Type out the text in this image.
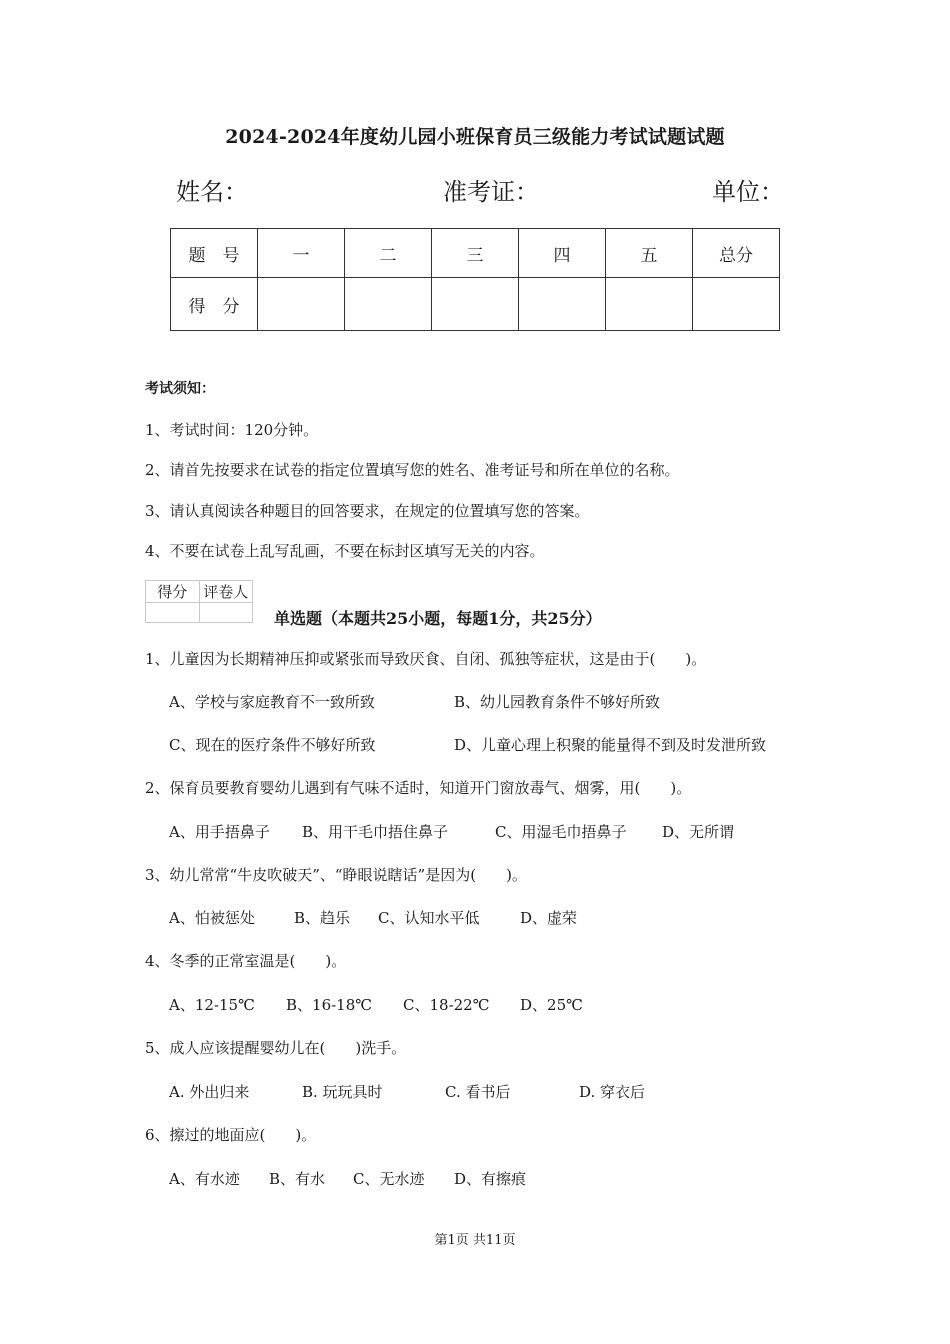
2024-2024年度幼儿园小班保育员三级能力考试试题试题
姓名：	准考证：	单位：
题　号	一	二	三	四	五	总分
得　分						
考试须知：
1、考试时间：120分钟。
2、请首先按要求在试卷的指定位置填写您的姓名、准考证号和所在单位的名称。
3、请认真阅读各种题目的回答要求，在规定的位置填写您的答案。
4、不要在试卷上乱写乱画，不要在标封区填写无关的内容。
得分	评卷人

单选题（本题共25小题，每题1分，共25分）
1、儿童因为长期精神压抑或紧张而导致厌食、自闭、孤独等症状，这是由于(　　)。
A、学校与家庭教育不一致所致	B、幼儿园教育条件不够好所致
C、现在的医疗条件不够好所致	D、儿童心理上积聚的能量得不到及时发泄所致
2、保育员要教育婴幼儿遇到有气味不适时，知道开门窗放毒气、烟雾，用(　　)。
A、用手捂鼻子 B、用干毛巾捂住鼻子	C、用湿毛巾捂鼻子 D、无所谓
3、幼儿常常“牛皮吹破天”、“睁眼说瞎话”是因为(　　)。
A、怕被惩处	B、趋乐 C、认知水平低	D、虚荣
4、冬季的正常室温是(　　)。
A、12-15℃ B、16-18℃ C、18-22℃ D、25℃
5、成人应该提醒婴幼儿在(　　)洗手。
A. 外出归来	B. 玩玩具时	C. 看书后	D. 穿衣后
6、擦过的地面应(　　)。
A、有水迹 B、有水 C、无水迹 D、有擦痕
第1页 共11页
